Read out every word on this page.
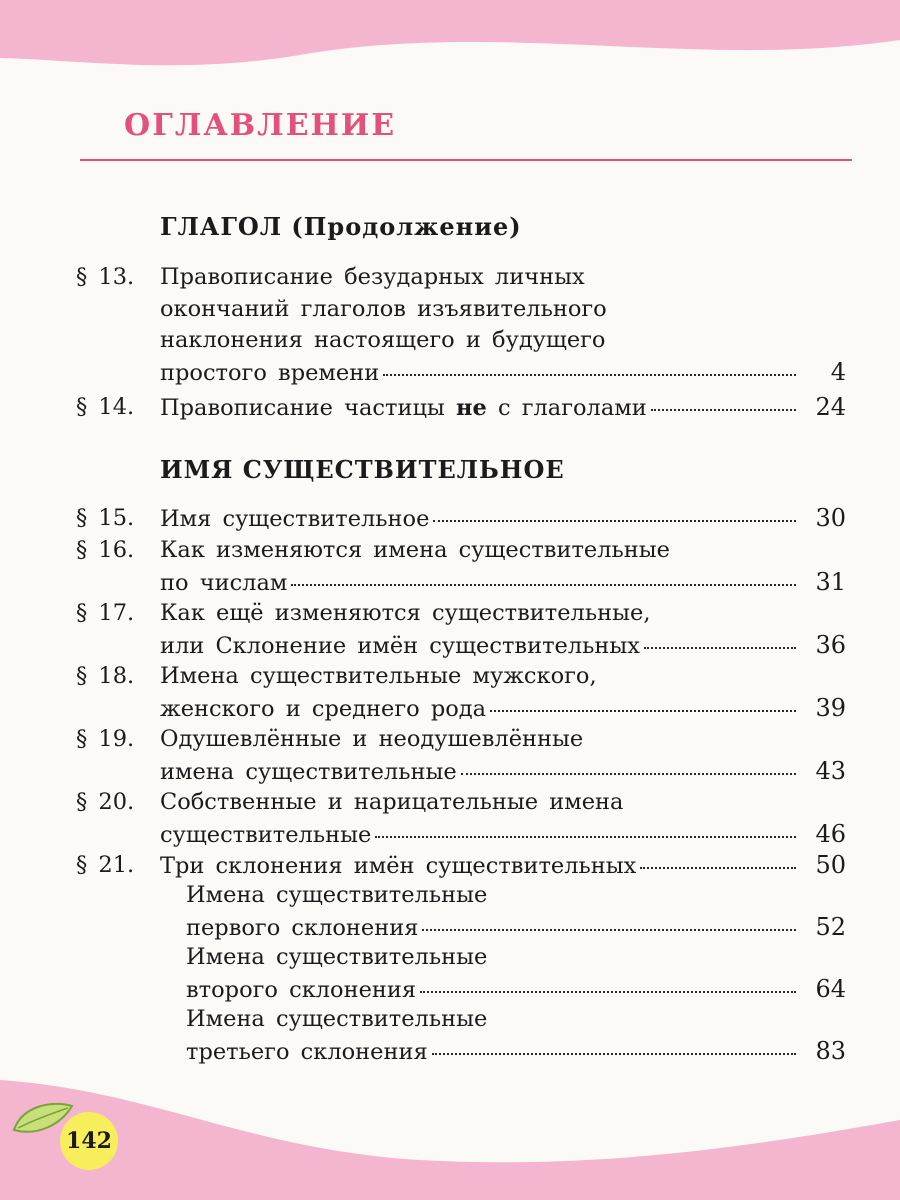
ОГЛАВЛЕНИЕ
ГЛАГОЛ (Продолжение)
§ 13. Правописание безударных личных
окончаний глаголов изъявительного
наклонения настоящего и будущего
простого времени	4
§ 14. Правописание частицы не с глаголами	24
ИМЯ СУЩЕСТВИТЕЛЬНОЕ
§ 15. Имя существительное	30
§ 16. Как изменяются имена существительные
по числам	31
§ 17. Как ещё изменяются существительные,
или Склонение имён существительных	36
§ 18. Имена существительные мужского,
женского и среднего рода	39
§ 19. Одушевлённые и неодушевлённые
имена существительные	43
§ 20. Собственные и нарицательные имена
существительные	46
§ 21. Три склонения имён существительных	50
Имена существительные
первого склонения	52
Имена существительные
второго склонения	64
Имена существительные
третьего склонения	83
142
